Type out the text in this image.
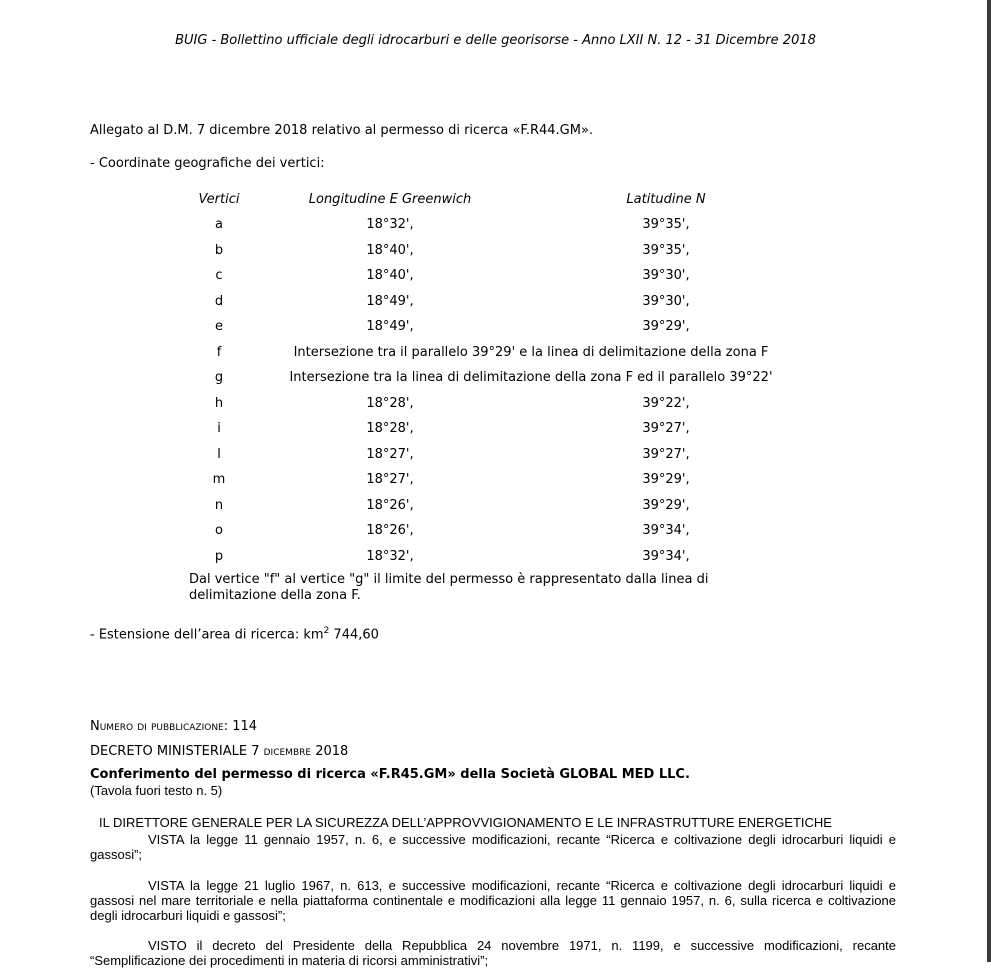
BUIG - Bollettino ufficiale degli idrocarburi e delle georisorse - Anno LXII N. 12 - 31 Dicembre 2018
Allegato al D.M. 7 dicembre 2018 relativo al permesso di ricerca «F.R44.GM».
- Coordinate geografiche dei vertici:
Vertici	Longitudine E Greenwich	Latitudine N
a	18°32',	39°35',
b	18°40',	39°35',
c	18°40',	39°30',
d	18°49',	39°30',
e	18°49',	39°29',
f	Intersezione tra il parallelo 39°29' e la linea di delimitazione della zona F
g	Intersezione tra la linea di delimitazione della zona F ed il parallelo 39°22'
h	18°28',	39°22',
i	18°28',	39°27',
l	18°27',	39°27',
m	18°27',	39°29',
n	18°26',	39°29',
o	18°26',	39°34',
p	18°32',	39°34',
Dal vertice "f" al vertice "g" il limite del permesso è rappresentato dalla linea di delimitazione della zona F.
- Estensione dell’area di ricerca: $km^2$ 744,60
Numero di pubblicazione: 114
DECRETO MINISTERIALE 7 dicembre 2018
Conferimento del permesso di ricerca «F.R45.GM» della Società GLOBAL MED LLC.
(Tavola fuori testo n. 5)
IL DIRETTORE GENERALE PER LA SICUREZZA DELL’APPROVVIGIONAMENTO E LE INFRASTRUTTURE ENERGETICHE
VISTA la legge 11 gennaio 1957, n. 6, e successive modificazioni, recante “Ricerca e coltivazione degli idrocarburi liquidi e gassosi”;
VISTA la legge 21 luglio 1967, n. 613, e successive modificazioni, recante “Ricerca e coltivazione degli idrocarburi liquidi e gassosi nel mare territoriale e nella piattaforma continentale e modificazioni alla legge 11 gennaio 1957, n. 6, sulla ricerca e coltivazione degli idrocarburi liquidi e gassosi”;
VISTO il decreto del Presidente della Repubblica 24 novembre 1971, n. 1199, e successive modificazioni, recante “Semplificazione dei procedimenti in materia di ricorsi amministrativi”;
